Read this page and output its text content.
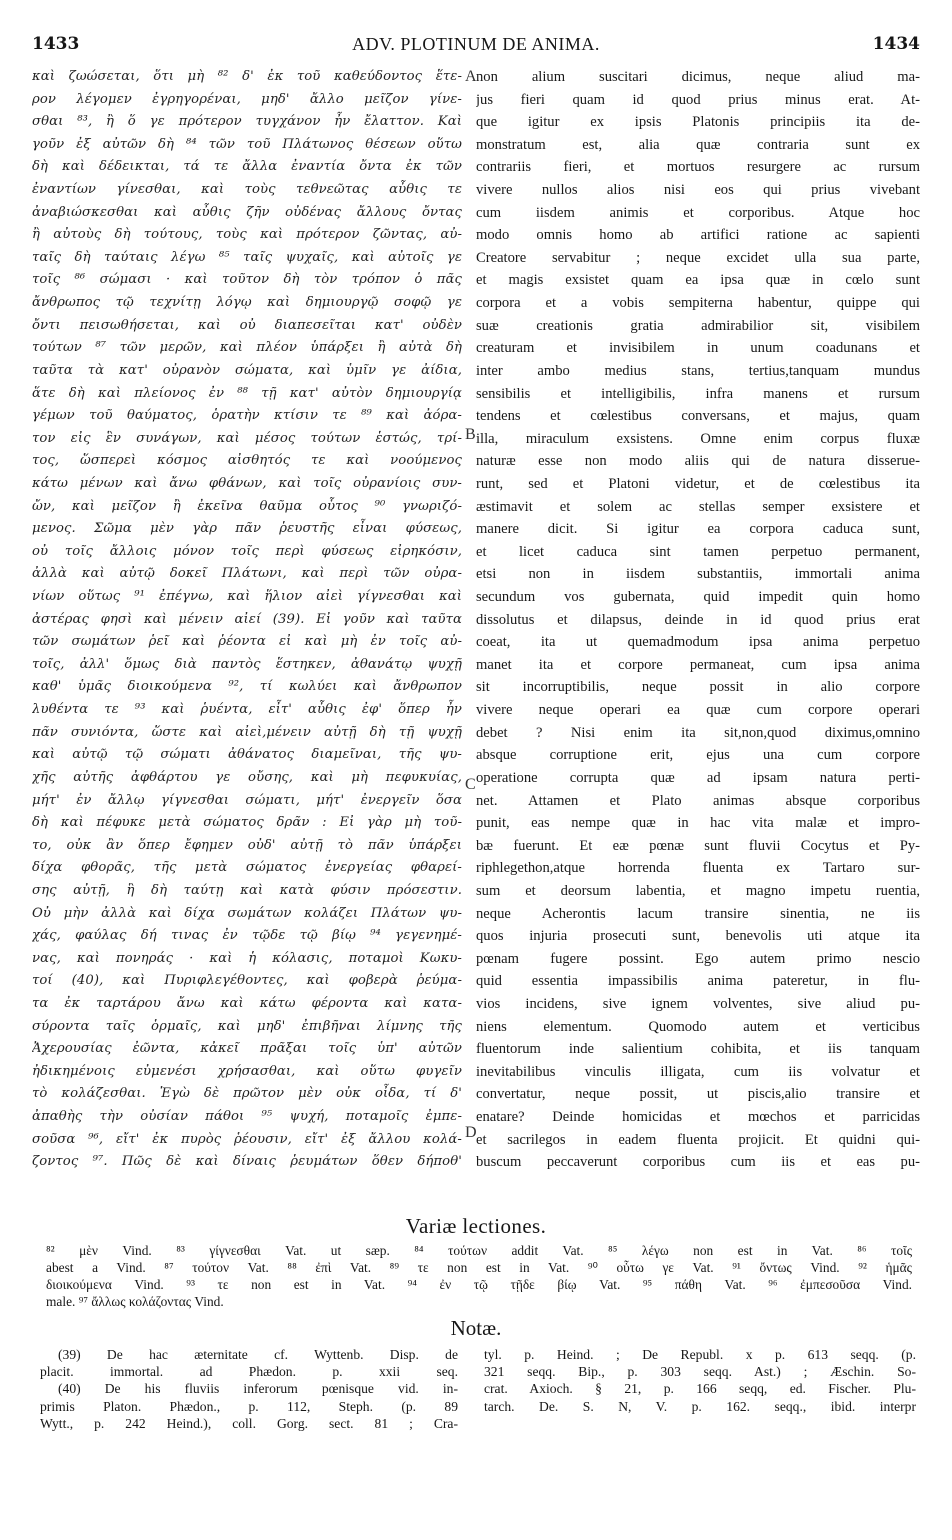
1433	ADV. PLOTINUM DE ANIMA.	1434
καὶ ζωώσεται, ὅτι μὴ ⁸² δ' ἐκ τοῦ καθεύδοντος ἕτε-
ρον λέγομεν ἐγρηγορέναι, μηδ' ἄλλο μεῖζον γίνε-
σθαι ⁸³, ἢ ὅ γε πρότερον τυγχάνον ἦν ἔλαττον. Καὶ
γοῦν ἐξ αὐτῶν δὴ ⁸⁴ τῶν τοῦ Πλάτωνος θέσεων οὕτω
δὴ καὶ δέδεικται, τά τε ἄλλα ἐναντία ὄντα ἐκ τῶν
ἐναντίων γίνεσθαι, καὶ τοὺς τεθνεῶτας αὖθις τε
ἀναβιώσκεσθαι καὶ αὖθις ζῆν οὐδένας ἄλλους ὄντας
ἢ αὐτοὺς δὴ τούτους, τοὺς καὶ πρότερον ζῶντας, αὐ-
ταῖς δὴ ταύταις λέγω ⁸⁵ ταῖς ψυχαῖς, καὶ αὐτοῖς γε
τοῖς ⁸⁶ σώμασι · καὶ τοῦτον δὴ τὸν τρόπον ὁ πᾶς
ἄνθρωπος τῷ τεχνίτῃ λόγῳ καὶ δημιουργῷ σοφῷ γε
ὄντι πεισωθήσεται, καὶ οὐ διαπεσεῖται κατ' οὐδὲν
τούτων ⁸⁷ τῶν μερῶν, καὶ πλέον ὑπάρξει ἢ αὐτὰ δὴ
ταῦτα τὰ κατ' οὐρανὸν σώματα, καὶ ὑμῖν γε ἀίδια,
ἅτε δὴ καὶ πλείονος ἐν ⁸⁸ τῇ κατ' αὐτὸν δημιουργίᾳ
γέμων τοῦ θαύματος, ὁρατὴν κτίσιν τε ⁸⁹ καὶ ἀόρα-
τον εἰς ἓν συνάγων, καὶ μέσος τούτων ἑστώς, τρί-
τος, ὥσπερεὶ κόσμος αἰσθητός τε καὶ νοούμενος
κάτω μένων καὶ ἄνω φθάνων, καὶ τοῖς οὐρανίοις συν-
ὤν, καὶ μεῖζον ἢ ἐκεῖνα θαῦμα οὗτος ⁹⁰ γνωριζό-
μενος. Σῶμα μὲν γὰρ πᾶν ῥευστῆς εἶναι φύσεως,
οὐ τοῖς ἄλλοις μόνον τοῖς περὶ φύσεως εἰρηκόσιν,
ἀλλὰ καὶ αὐτῷ δοκεῖ Πλάτωνι, καὶ περὶ τῶν οὐρα-
νίων οὕτως ⁹¹ ἐπέγνω, καὶ ἥλιον αἰεὶ γίγνεσθαι καὶ
ἀστέρας φησὶ καὶ μένειν αἰεί (39). Εἰ γοῦν καὶ ταῦτα
τῶν σωμάτων ῥεῖ καὶ ῥέοντα εἰ καὶ μὴ ἐν τοῖς αὐ-
τοῖς, ἀλλ' ὅμως διὰ παντὸς ἕστηκεν, ἀθανάτῳ ψυχῇ
καθ' ὑμᾶς διοικούμενα ⁹², τί κωλύει καὶ ἄνθρωπον
λυθέντα τε ⁹³ καὶ ῥυέντα, εἶτ' αὖθις ἐφ' ὅπερ ἦν
πᾶν συνιόντα, ὥστε καὶ αἰεὶ,μένειν αὐτῇ δὴ τῇ ψυχῇ
καὶ αὐτῷ τῷ σώματι ἀθάνατος διαμεῖναι, τῆς ψυ-
χῆς αὐτῆς ἀφθάρτου γε οὔσης, καὶ μὴ πεφυκυίας,
μήτ' ἐν ἄλλῳ γίγνεσθαι σώματι, μήτ' ἐνεργεῖν ὅσα
δὴ καὶ πέφυκε μετὰ σώματος δρᾶν : Εἰ γὰρ μὴ τοῦ-
το, οὐκ ἂν ὅπερ ἔφημεν οὐδ' αὐτῇ τὸ πᾶν ὑπάρξει
δίχα φθορᾶς, τῆς μετὰ σώματος ἐνεργείας φθαρεί-
σης αὐτῇ, ἣ δὴ ταύτῃ καὶ κατὰ φύσιν πρόσεστιν.
Οὐ μὴν ἀλλὰ καὶ δίχα σωμάτων κολάζει Πλάτων ψυ-
χάς, φαύλας δή τινας ἐν τῷδε τῷ βίῳ ⁹⁴ γεγενημέ-
νας, καὶ πονηράς · καὶ ἡ κόλασις, ποταμοὶ Κωκυ-
τοί (40), καὶ Πυριφλεγέθοντες, καὶ φοβερὰ ῥεύμα-
τα ἐκ ταρτάρου ἄνω καὶ κάτω φέροντα καὶ κατα-
σύροντα ταῖς ὁρμαῖς, καὶ μηδ' ἐπιβῆναι λίμνης τῆς
Ἀχερουσίας ἐῶντα, κἀκεῖ πρᾶξαι τοῖς ὑπ' αὐτῶν
ἠδικημένοις εὐμενέσι χρήσασθαι, καὶ οὕτω φυγεῖν
τὸ κολάζεσθαι. Ἐγὼ δὲ πρῶτον μὲν οὐκ οἶδα, τί δ'
ἀπαθὴς τὴν οὐσίαν πάθοι ⁹⁵ ψυχή, ποταμοῖς ἐμπε-
σοῦσα ⁹⁶, εἴτ' ἐκ πυρὸς ῥέουσιν, εἴτ' ἐξ ἄλλου κολά-
ζοντος ⁹⁷. Πῶς δὲ καὶ δίναις ῥευμάτων ὅθεν δήποθ'
A
B
C
D
non alium suscitari dicimus, neque aliud ma-
jus fieri quam id quod prius minus erat. At-
que igitur ex ipsis Platonis principiis ita de-
monstratum est, alia quæ contraria sunt ex
contrariis fieri, et mortuos resurgere ac rursum
vivere nullos alios nisi eos qui prius vivebant
cum iisdem animis et corporibus. Atque hoc
modo omnis homo ab artifici ratione ac sapienti
Creatore servabitur ; neque excidet ulla sua parte,
et magis exsistet quam ea ipsa quæ in cœlo sunt
corpora et a vobis sempiterna habentur, quippe qui
suæ creationis gratia admirabilior sit, visibilem
creaturam et invisibilem in unum coadunans et
inter ambo medius stans, tertius,tanquam mundus
sensibilis et intelligibilis, infra manens et rursum
tendens et cœlestibus conversans, et majus, quam
illa, miraculum exsistens. Omne enim corpus fluxæ
naturæ esse non modo aliis qui de natura disserue-
runt, sed et Platoni videtur, et de cœlestibus ita
æstimavit et solem ac stellas semper exsistere et
manere dicit. Si igitur ea corpora caduca sunt,
et licet caduca sint tamen perpetuo permanent,
etsi non in iisdem substantiis, immortali anima
secundum vos gubernata, quid impedit quin homo
dissolutus et dilapsus, deinde in id quod prius erat
coeat, ita ut quemadmodum ipsa anima perpetuo
manet ita et corpore permaneat, cum ipsa anima
sit incorruptibilis, neque possit in alio corpore
vivere neque operari ea quæ cum corpore operari
debet ? Nisi enim ita sit,non,quod diximus,omnino
absque corruptione erit, ejus una cum corpore
operatione corrupta quæ ad ipsam natura perti-
net. Attamen et Plato animas absque corporibus
punit, eas nempe quæ in hac vita malæ et impro-
bæ fuerunt. Et eæ pœnæ sunt fluvii Cocytus et Py-
riphlegethon,atque horrenda fluenta ex Tartaro sur-
sum et deorsum labentia, et magno impetu ruentia,
neque Acherontis lacum transire sinentia, ne iis
quos injuria prosecuti sunt, benevolis uti atque ita
pœnam fugere possint. Ego autem primo nescio
quid essentia impassibilis anima pateretur, in flu-
vios incidens, sive ignem volventes, sive aliud pu-
niens elementum. Quomodo autem et verticibus
fluentorum inde salientium cohibita, et iis tanquam
inevitabilibus vinculis illigata, cum iis volvatur et
convertatur, neque possit, ut piscis,alio transire et
enatare? Deinde homicidas et mœchos et parricidas
et sacrilegos in eadem fluenta projicit. Et quidni qui-
buscum peccaverunt corporibus cum iis et eas pu-
Variæ lectiones.
⁸² μὲν Vind. ⁸³ γίγνεσθαι Vat. ut sæp. ⁸⁴ τούτων addit Vat. ⁸⁵ λέγω non est in Vat. ⁸⁶ τοῖς
abest a Vind. ⁸⁷ τούτον Vat. ⁸⁸ ἐπὶ Vat. ⁸⁹ τε non est in Vat. ⁹⁰ οὗτω γε Vat. ⁹¹ ὄντως Vind. ⁹² ἡμᾶς
διοικούμενα Vind. ⁹³ τε non est in Vat. ⁹⁴ ἐν τῷ τῇδε βίῳ Vat. ⁹⁵ πάθη Vat. ⁹⁶ ἐμπεσοῦσα Vind.
male. ⁹⁷ ἄλλως κολάζοντας Vind.
Notæ.
(39) De hac æternitate cf. Wyttenb. Disp. de
placit. immortal. ad Phædon. p. xxii seq.
(40) De his fluviis inferorum pœnisque vid. in-
primis Platon. Phædon., p. 112, Steph. (p. 89
Wytt., p. 242 Heind.), coll. Gorg. sect. 81 ; Cra-
tyl. p. Heind. ; De Republ. x p. 613 seqq. (p.
321 seqq. Bip., p. 303 seqq. Ast.) ; Æschin. So-
crat. Axioch. § 21, p. 166 seqq, ed. Fischer. Plu-
tarch. De. S. N, V. p. 162. seqq., ibid. interpr
